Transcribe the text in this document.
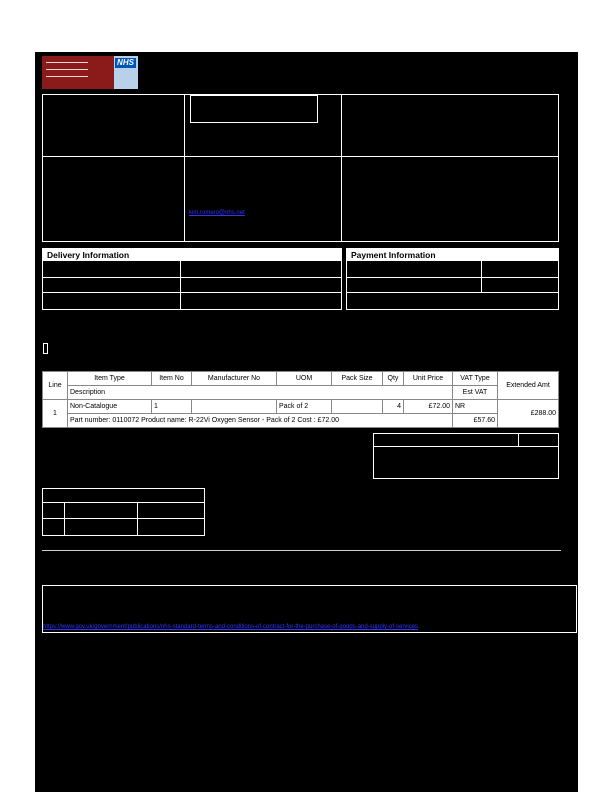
NHS
kim.romero@nhs.net
Delivery Information	Payment Information
Line	Item Type	Item No	Manufacturer No	UOM	Pack Size	Qty	Unit Price	VAT Type	Extended Amt
	Description							Est VAT	
1	Non-Catalogue	1		Pack of 2		4	£72.00	NR	£288.00
	Part number: 0110072 Product name: R-22Vi Oxygen Sensor - Pack of 2 Cost : £72.00							£57.60	
https://www.gov.uk/government/publications/nhs-standard-terms-and-conditions-of-contract-for-the-purchase-of-goods-and-supply-of-services
